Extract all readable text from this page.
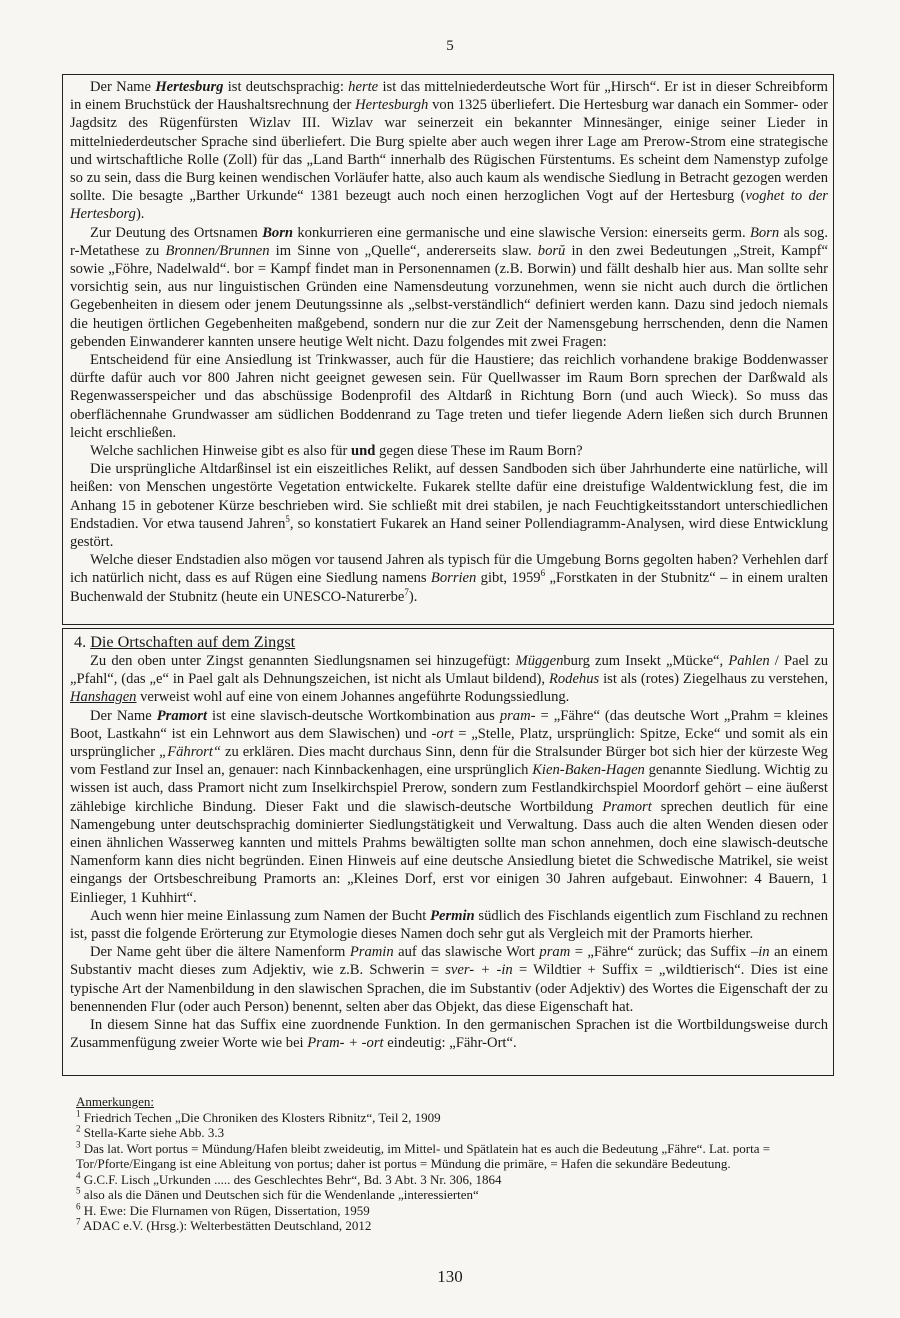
5

Der Name Hertesburg ist deutschsprachig: herte ist das mittelniederdeutsche Wort für „Hirsch“. Er ist in dieser Schreibform in einem Bruchstück der Haushaltsrechnung der Hertesburgh von 1325 überliefert. Die Hertesburg war danach ein Sommer- oder Jagdsitz des Rügenfürsten Wizlav III. Wizlav war seinerzeit ein bekannter Minnesänger, einige seiner Lieder in mittelniederdeutscher Sprache sind überliefert. Die Burg spielte aber auch wegen ihrer Lage am Prerow-Strom eine strategische und wirtschaftliche Rolle (Zoll) für das „Land Barth“ innerhalb des Rügischen Fürstentums. Es scheint dem Namenstyp zufolge so zu sein, dass die Burg keinen wendischen Vorläufer hatte, also auch kaum als wendische Siedlung in Betracht gezogen werden sollte. Die besagte „Barther Urkunde“ 1381 bezeugt auch noch einen herzoglichen Vogt auf der Hertesburg (voghet to der Hertesborg).

Zur Deutung des Ortsnamen Born konkurrieren eine germanische und eine slawische Version: einerseits germ. Born als sog. r-Metathese zu Bronnen/Brunnen im Sinne von „Quelle“, andererseits slaw. borŭ in den zwei Bedeutungen „Streit, Kampf“ sowie „Föhre, Nadelwald“. bor = Kampf findet man in Personennamen (z.B. Borwin) und fällt deshalb hier aus. Man sollte sehr vorsichtig sein, aus nur linguistischen Gründen eine Namensdeutung vorzunehmen, wenn sie nicht auch durch die örtlichen Gegebenheiten in diesem oder jenem Deutungssinne als „selbst-verständlich“ definiert werden kann. Dazu sind jedoch niemals die heutigen örtlichen Gegebenheiten maßgebend, sondern nur die zur Zeit der Namensgebung herrschenden, denn die Namen gebenden Einwanderer kannten unsere heutige Welt nicht. Dazu folgendes mit zwei Fragen:

Entscheidend für eine Ansiedlung ist Trinkwasser, auch für die Haustiere; das reichlich vorhandene brakige Boddenwasser dürfte dafür auch vor 800 Jahren nicht geeignet gewesen sein. Für Quellwasser im Raum Born sprechen der Darßwald als Regenwasserspeicher und das abschüssige Bodenprofil des Altdarß in Richtung Born (und auch Wieck). So muss das oberflächennahe Grundwasser am südlichen Boddenrand zu Tage treten und tiefer liegende Adern ließen sich durch Brunnen leicht erschließen.

Welche sachlichen Hinweise gibt es also für und gegen diese These im Raum Born?

Die ursprüngliche Altdarßinsel ist ein eiszeitliches Relikt, auf dessen Sandboden sich über Jahrhunderte eine natürliche, will heißen: von Menschen ungestörte Vegetation entwickelte. Fukarek stellte dafür eine dreistufige Waldentwicklung fest, die im Anhang 15 in gebotener Kürze beschrieben wird. Sie schließt mit drei stabilen, je nach Feuchtigkeitsstandort unterschiedlichen Endstadien. Vor etwa tausend Jahren$^5$, so konstatiert Fukarek an Hand seiner Pollendiagramm-Analysen, wird diese Entwicklung gestört.

Welche dieser Endstadien also mögen vor tausend Jahren als typisch für die Umgebung Borns gegolten haben? Verhehlen darf ich natürlich nicht, dass es auf Rügen eine Siedlung namens Borrien gibt, 1959$^6$ „Forstkaten in der Stubnitz“ – in einem uralten Buchenwald der Stubnitz (heute ein UNESCO-Naturerbe$^7$).

4. Die Ortschaften auf dem Zingst

Zu den oben unter Zingst genannten Siedlungsnamen sei hinzugefügt: Müggenburg zum Insekt „Mücke“, Pahlen / Pael zu „Pfahl“, (das „e“ in Pael galt als Dehnungszeichen, ist nicht als Umlaut bildend), Rodehus ist als (rotes) Ziegelhaus zu verstehen, Hanshagen verweist wohl auf eine von einem Johannes angeführte Rodungssiedlung.

Der Name Pramort ist eine slavisch-deutsche Wortkombination aus pram- = „Fähre“ (das deutsche Wort „Prahm = kleines Boot, Lastkahn“ ist ein Lehnwort aus dem Slawischen) und -ort = „Stelle, Platz, ursprünglich: Spitze, Ecke“ und somit als ein ursprünglicher „Fährort“ zu erklären. Dies macht durchaus Sinn, denn für die Stralsunder Bürger bot sich hier der kürzeste Weg vom Festland zur Insel an, genauer: nach Kinnbackenhagen, eine ursprünglich Kien-Baken-Hagen genannte Siedlung. Wichtig zu wissen ist auch, dass Pramort nicht zum Inselkirchspiel Prerow, sondern zum Festlandkirchspiel Moordorf gehört – eine äußerst zählebige kirchliche Bindung. Dieser Fakt und die slawisch-deutsche Wortbildung Pramort sprechen deutlich für eine Namengebung unter deutschsprachig dominierter Siedlungstätigkeit und Verwaltung. Dass auch die alten Wenden diesen oder einen ähnlichen Wasserweg kannten und mittels Prahms bewältigten sollte man schon annehmen, doch eine slawisch-deutsche Namenform kann dies nicht begründen. Einen Hinweis auf eine deutsche Ansiedlung bietet die Schwedische Matrikel, sie weist eingangs der Ortsbeschreibung Pramorts an: „Kleines Dorf, erst vor einigen 30 Jahren aufgebaut. Einwohner: 4 Bauern, 1 Einlieger, 1 Kuhhirt“.

Auch wenn hier meine Einlassung zum Namen der Bucht Permin südlich des Fischlands eigentlich zum Fischland zu rechnen ist, passt die folgende Erörterung zur Etymologie dieses Namen doch sehr gut als Vergleich mit der Pramorts hierher.

Der Name geht über die ältere Namenform Pramin auf das slawische Wort pram = „Fähre“ zurück; das Suffix –in an einem Substantiv macht dieses zum Adjektiv, wie z.B. Schwerin = sver- + -in = Wildtier + Suffix = „wildtierisch“. Dies ist eine typische Art der Namenbildung in den slawischen Sprachen, die im Substantiv (oder Adjektiv) des Wortes die Eigenschaft der zu benennenden Flur (oder auch Person) benennt, selten aber das Objekt, das diese Eigenschaft hat.

In diesem Sinne hat das Suffix eine zuordnende Funktion. In den germanischen Sprachen ist die Wortbildungsweise durch Zusammenfügung zweier Worte wie bei Pram- + -ort eindeutig: „Fähr-Ort“.

Anmerkungen:
$^1$ Friedrich Techen „Die Chroniken des Klosters Ribnitz“, Teil 2, 1909
$^2$ Stella-Karte siehe Abb. 3.3
$^3$ Das lat. Wort portus = Mündung/Hafen bleibt zweideutig, im Mittel- und Spätlatein hat es auch die Bedeutung „Fähre“. Lat. porta = Tor/Pforte/Eingang ist eine Ableitung von portus; daher ist portus = Mündung die primäre, = Hafen die sekundäre Bedeutung.
$^4$ G.C.F. Lisch „Urkunden ..... des Geschlechtes Behr“, Bd. 3 Abt. 3 Nr. 306, 1864
$^5$ also als die Dänen und Deutschen sich für die Wendenlande „interessierten“
$^6$ H. Ewe: Die Flurnamen von Rügen, Dissertation, 1959
$^7$ ADAC e.V. (Hrsg.): Welterbestätten Deutschland, 2012
130
